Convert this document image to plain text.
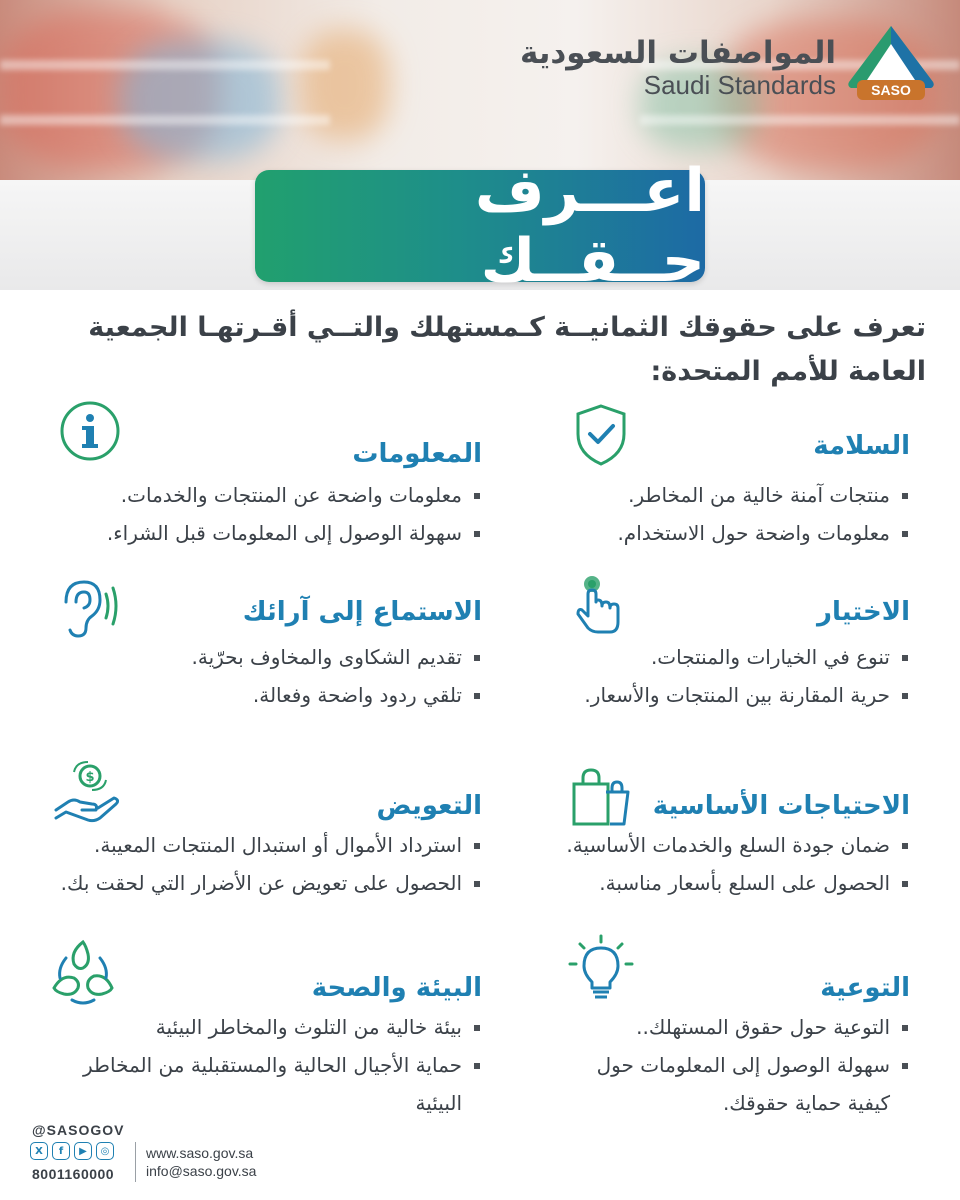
المواصفات السعودية
Saudi Standards	SASO
اعـــرف حــقــك
تعرف على حقوقك الثمانيــة كـمستهلك والتــي أقـرتهـا الجمعية العامة للأمم المتحدة:
السلامة
منتجات آمنة خالية من المخاطر.
معلومات واضحة حول الاستخدام.
المعلومات
معلومات واضحة عن المنتجات والخدمات.
سهولة الوصول إلى المعلومات قبل الشراء.
الاختيار
تنوع في الخيارات والمنتجات.
حرية المقارنة بين المنتجات والأسعار.
الاستماع إلى آرائك
تقديم الشكاوى والمخاوف بحرّية.
تلقي ردود واضحة وفعالة.
الاحتياجات الأساسية
ضمان جودة السلع والخدمات الأساسية.
الحصول على السلع بأسعار مناسبة.
التعويض
استرداد الأموال أو استبدال المنتجات المعيبة.
الحصول على تعويض عن الأضرار التي لحقت بك.
$
التوعية
التوعية حول حقوق المستهلك..
سهولة الوصول إلى المعلومات حول كيفية حماية حقوقك.
البيئة والصحة
بيئة خالية من التلوث والمخاطر البيئية
حماية الأجيال الحالية والمستقبلية من المخاطر البيئية
@SASOGOV
X	f	▶	◎
8001160000
www.saso.gov.sa
info@saso.gov.sa
